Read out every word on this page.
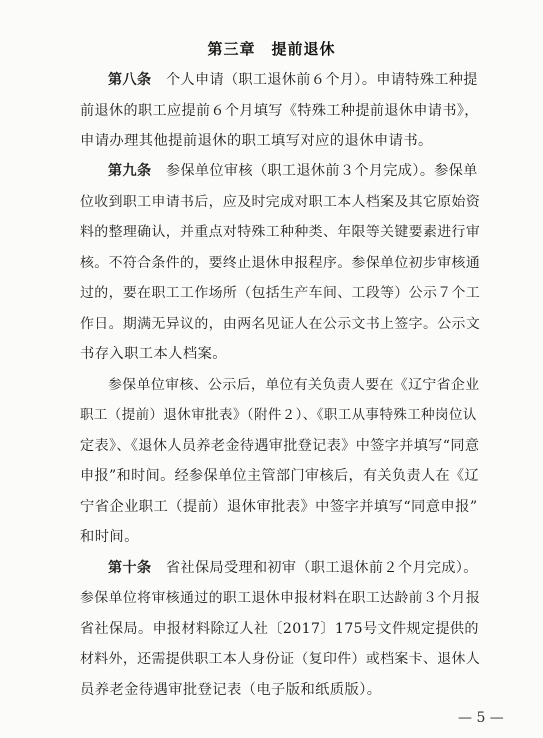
第三章　提前退休
第八条　个人申请（职工退休前６个月）。申请特殊工种提
前退休的职工应提前６个月填写《特殊工种提前退休申请书》，
申请办理其他提前退休的职工填写对应的退休申请书。
第九条　参保单位审核（职工退休前３个月完成）。参保单
位收到职工申请书后，应及时完成对职工本人档案及其它原始资
料的整理确认，并重点对特殊工种种类、年限等关键要素进行审
核。不符合条件的，要终止退休申报程序。参保单位初步审核通
过的，要在职工工作场所（包括生产车间、工段等）公示７个工
作日。期满无异议的，由两名见证人在公示文书上签字。公示文
书存入职工本人档案。
参保单位审核、公示后，单位有关负责人要在《辽宁省企业
职工（提前）退休审批表》（附件２）、《职工从事特殊工种岗位认
定表》、《退休人员养老金待遇审批登记表》中签字并填写“同意
申报”和时间。经参保单位主管部门审核后，有关负责人在《辽
宁省企业职工（提前）退休审批表》中签字并填写“同意申报”
和时间。
第十条　省社保局受理和初审（职工退休前２个月完成）。
参保单位将审核通过的职工退休申报材料在职工达龄前３个月报
省社保局。申报材料除辽人社〔2017〕175号文件规定提供的
材料外，还需提供职工本人身份证（复印件）或档案卡、退休人
员养老金待遇审批登记表（电子版和纸质版）。
— 5 —
